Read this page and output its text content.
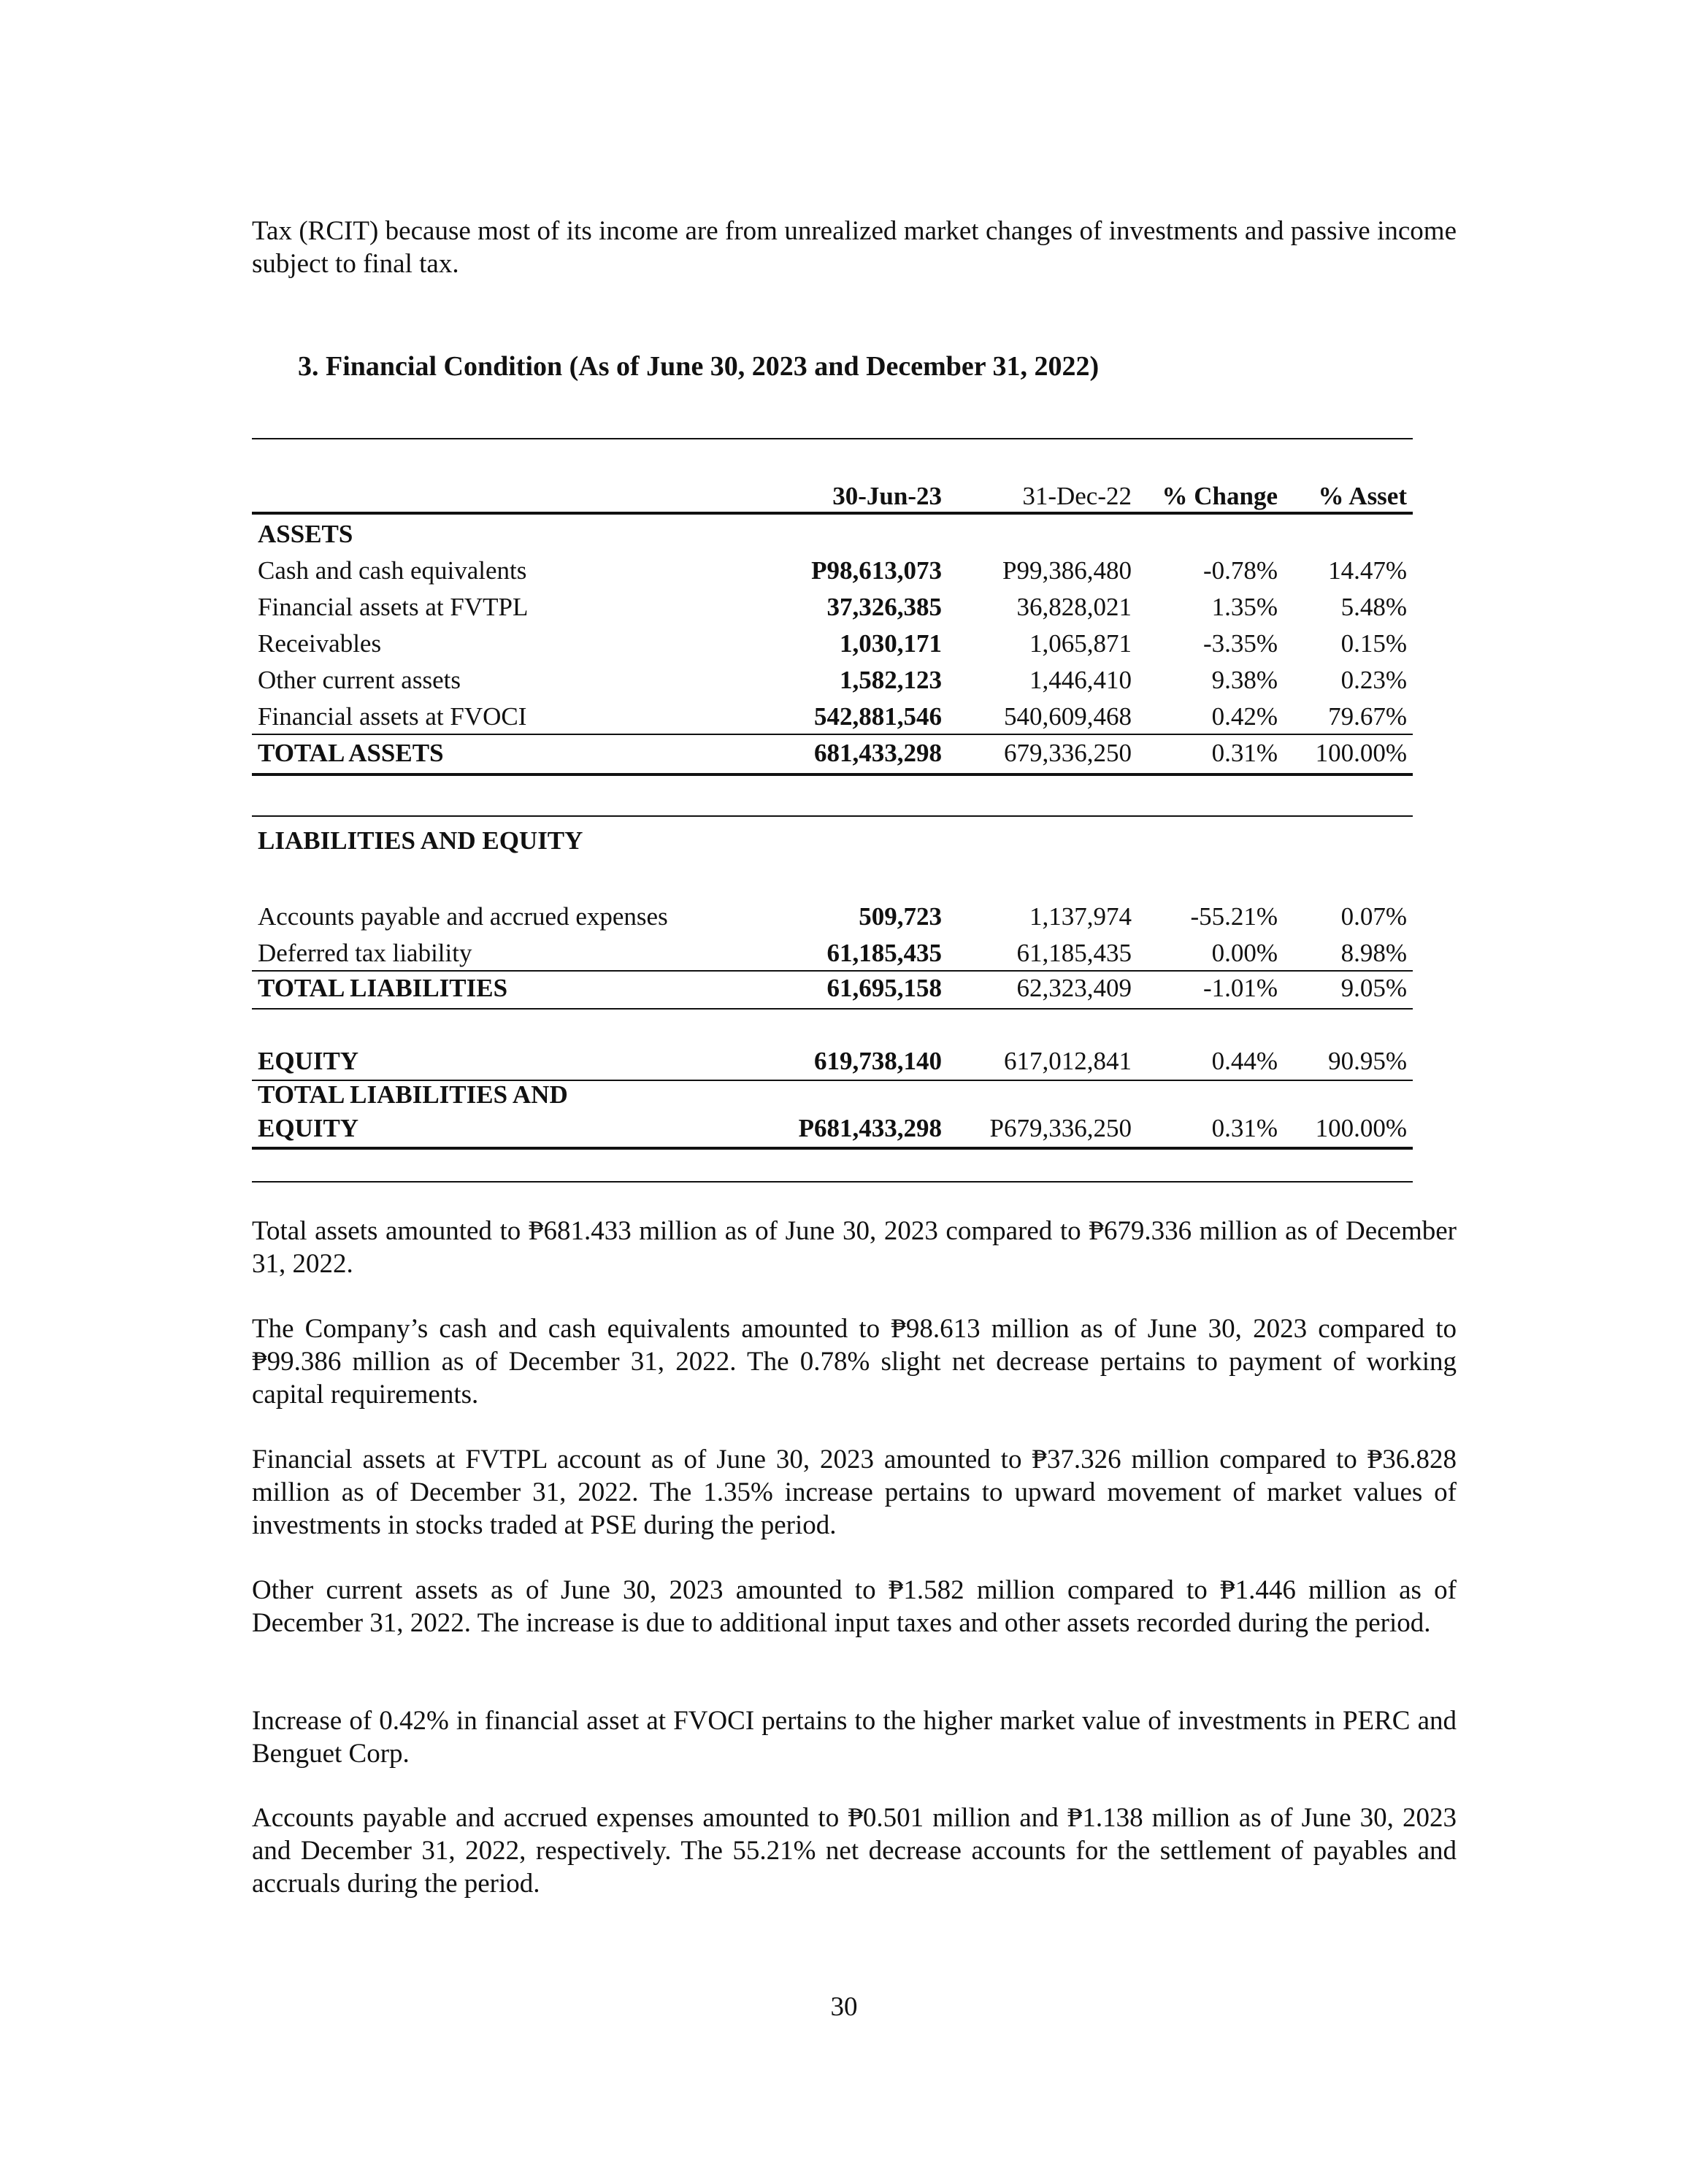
Tax (RCIT) because most of its income are from unrealized market changes of investments and passive income subject to final tax.

3. Financial Condition (As of June 30, 2023 and December 31, 2022)

30-Jun-23	31-Dec-22 % Change % Asset
ASSETS
Cash and cash equivalents	P98,613,073 P99,386,480	-0.78% 14.47%
Financial assets at FVTPL	37,326,385	36,828,021	1.35% 5.48%
Receivables	1,030,171	1,065,871	-3.35% 0.15%
Other current assets	1,582,123	1,446,410	9.38% 0.23%
Financial assets at FVOCI	542,881,546 540,609,468	0.42% 79.67%
TOTAL ASSETS	681,433,298 679,336,250	0.31% 100.00%
LIABILITIES AND EQUITY
Accounts payable and accrued expenses	509,723	1,137,974 -55.21% 0.07%
Deferred tax liability	61,185,435	61,185,435	0.00% 8.98%
TOTAL LIABILITIES	61,695,158	62,323,409	-1.01% 9.05%
EQUITY	619,738,140 617,012,841	0.44% 90.95%
TOTAL LIABILITIES AND
EQUITY	P681,433,298 P679,336,250	0.31% 100.00%

Total assets amounted to ₱681.433 million as of June 30, 2023 compared to ₱679.336 million as of December 31, 2022.

The Company’s cash and cash equivalents amounted to ₱98.613 million as of June 30, 2023 compared to ₱99.386 million as of December 31, 2022. The 0.78% slight net decrease pertains to payment of working capital requirements.

Financial assets at FVTPL account as of June 30, 2023 amounted to ₱37.326 million compared to ₱36.828 million as of December 31, 2022. The 1.35% increase pertains to upward movement of market values of investments in stocks traded at PSE during the period.

Other current assets as of June 30, 2023 amounted to ₱1.582 million compared to ₱1.446 million as of December 31, 2022. The increase is due to additional input taxes and other assets recorded during the period.

Increase of 0.42% in financial asset at FVOCI pertains to the higher market value of investments in PERC and Benguet Corp.

Accounts payable and accrued expenses amounted to ₱0.501 million and ₱1.138 million as of June 30, 2023 and December 31, 2022, respectively. The 55.21% net decrease accounts for the settlement of payables and accruals during the period.

30
